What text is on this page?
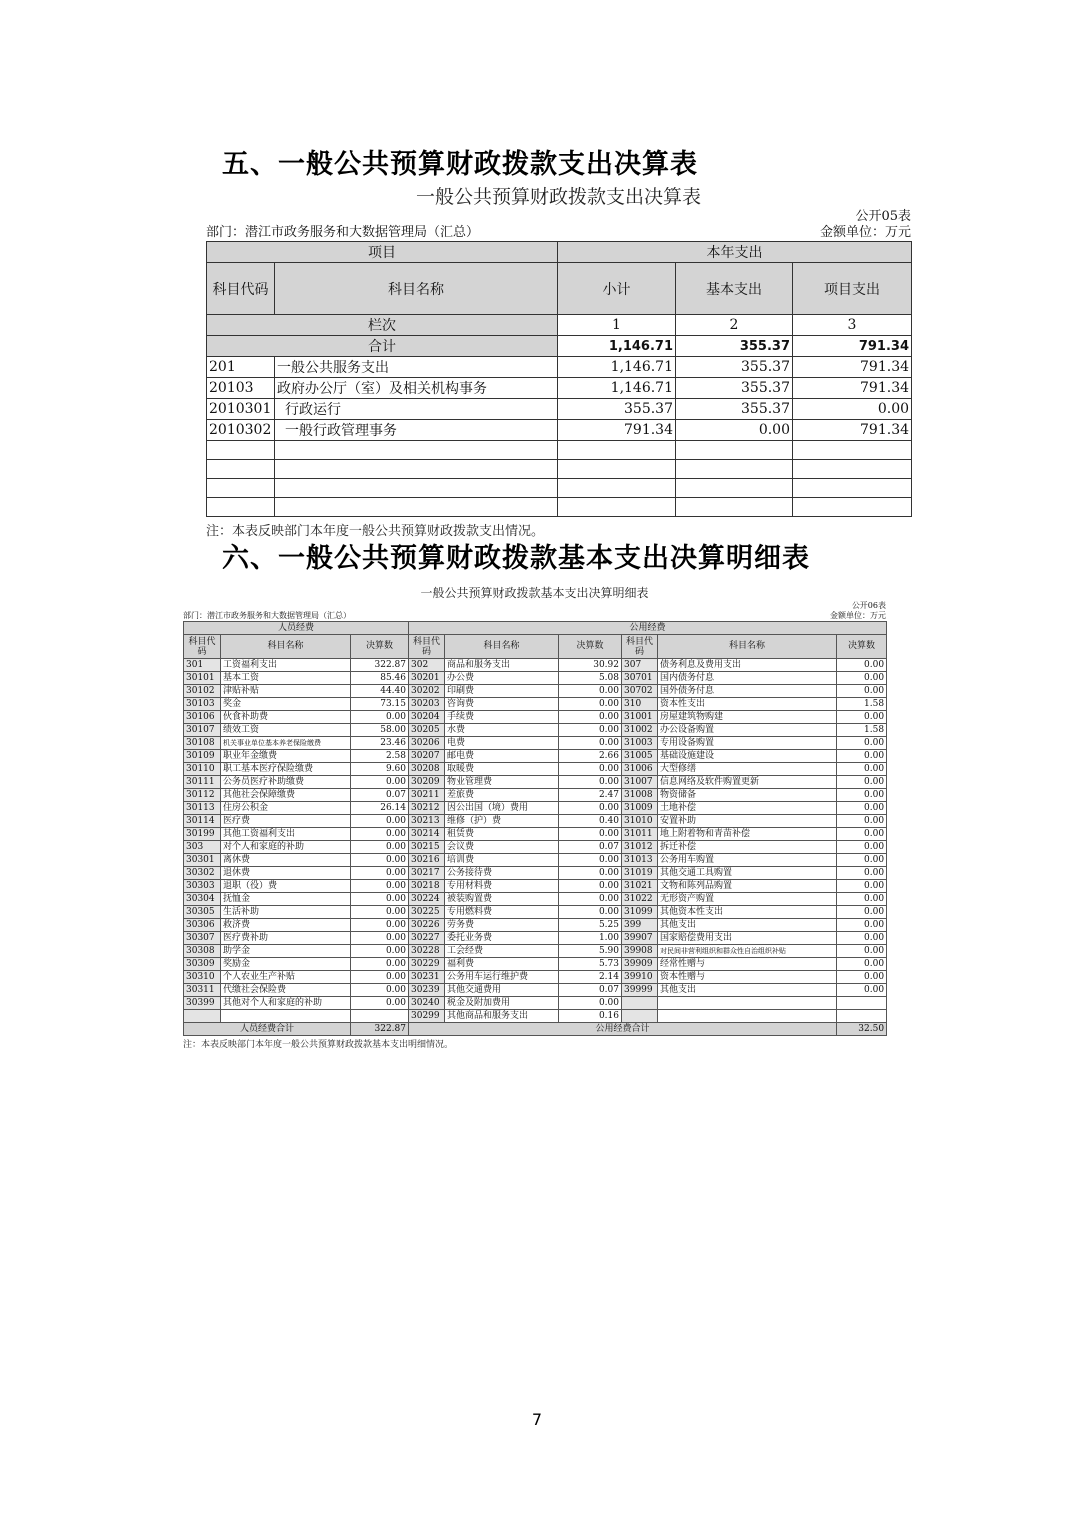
五、一般公共预算财政拨款支出决算表
一般公共预算财政拨款支出决算表
公开05表
部门：潜江市政务服务和大数据管理局（汇总）	金额单位：万元
项目		本年支出		
科目代码	科目名称	小计	基本支出	项目支出
栏次		1	2	3
合计		1,146.71	355.37	791.34
201	一般公共服务支出	1,146.71	355.37	791.34
20103	政府办公厅（室）及相关机构事务	1,146.71	355.37	791.34
2010301	行政运行	355.37	355.37	0.00
2010302	一般行政管理事务	791.34	0.00	791.34

注：本表反映部门本年度一般公共预算财政拨款支出情况。
六、一般公共预算财政拨款基本支出决算明细表
一般公共预算财政拨款基本支出决算明细表
公开06表
部门：潜江市政务服务和大数据管理局（汇总）	金额单位：万元
人员经费			公用经费					
科目代码	科目名称	决算数	科目代码	科目名称	决算数	科目代码	科目名称	决算数
301	工资福利支出	322.87	302	商品和服务支出	30.92	307	债务利息及费用支出	0.00
30101	基本工资	85.46	30201	办公费	5.08	30701	国内债务付息	0.00
30102	津贴补贴	44.40	30202	印刷费	0.00	30702	国外债务付息	0.00
30103	奖金	73.15	30203	咨询费	0.00	310	资本性支出	1.58
30106	伙食补助费	0.00	30204	手续费	0.00	31001	房屋建筑物购建	0.00
30107	绩效工资	58.00	30205	水费	0.00	31002	办公设备购置	1.58
30108	机关事业单位基本养老保险缴费	23.46	30206	电费	0.00	31003	专用设备购置	0.00
30109	职业年金缴费	2.58	30207	邮电费	2.66	31005	基础设施建设	0.00
30110	职工基本医疗保险缴费	9.60	30208	取暖费	0.00	31006	大型修缮	0.00
30111	公务员医疗补助缴费	0.00	30209	物业管理费	0.00	31007	信息网络及软件购置更新	0.00
30112	其他社会保障缴费	0.07	30211	差旅费	2.47	31008	物资储备	0.00
30113	住房公积金	26.14	30212	因公出国（境）费用	0.00	31009	土地补偿	0.00
30114	医疗费	0.00	30213	维修（护）费	0.40	31010	安置补助	0.00
30199	其他工资福利支出	0.00	30214	租赁费	0.00	31011	地上附着物和青苗补偿	0.00
303	对个人和家庭的补助	0.00	30215	会议费	0.07	31012	拆迁补偿	0.00
30301	离休费	0.00	30216	培训费	0.00	31013	公务用车购置	0.00
30302	退休费	0.00	30217	公务接待费	0.00	31019	其他交通工具购置	0.00
30303	退职（役）费	0.00	30218	专用材料费	0.00	31021	文物和陈列品购置	0.00
30304	抚恤金	0.00	30224	被装购置费	0.00	31022	无形资产购置	0.00
30305	生活补助	0.00	30225	专用燃料费	0.00	31099	其他资本性支出	0.00
30306	救济费	0.00	30226	劳务费	5.25	399	其他支出	0.00
30307	医疗费补助	0.00	30227	委托业务费	1.00	39907	国家赔偿费用支出	0.00
30308	助学金	0.00	30228	工会经费	5.90	39908	对民间非营利组织和群众性自治组织补贴	0.00
30309	奖励金	0.00	30229	福利费	5.73	39909	经常性赠与	0.00
30310	个人农业生产补贴	0.00	30231	公务用车运行维护费	2.14	39910	资本性赠与	0.00
30311	代缴社会保险费	0.00	30239	其他交通费用	0.07	39999	其他支出	0.00
30399	其他对个人和家庭的补助	0.00	30240	税金及附加费用	0.00			
			30299	其他商品和服务支出	0.16			
人员经费合计		322.87	公用经费合计					32.50
注：本表反映部门本年度一般公共预算财政拨款基本支出明细情况。
7
